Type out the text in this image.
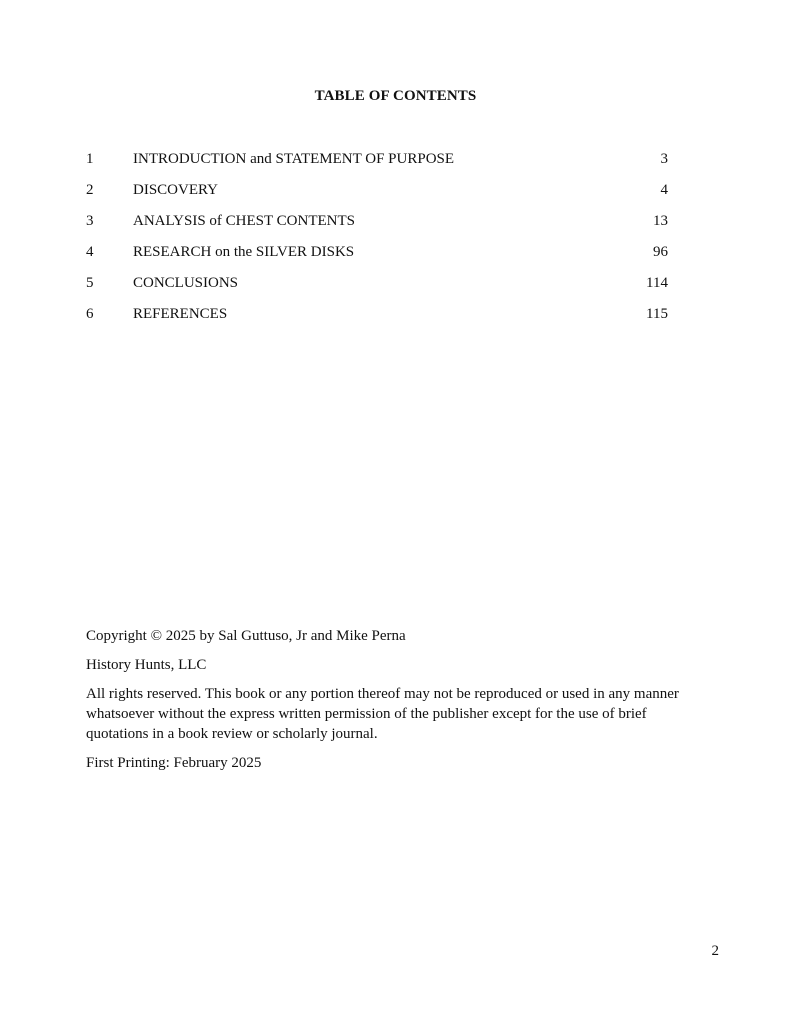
TABLE OF CONTENTS
1	INTRODUCTION and STATEMENT OF PURPOSE	3
2	DISCOVERY	4
3	ANALYSIS of CHEST CONTENTS	13
4	RESEARCH on the SILVER DISKS	96
5	CONCLUSIONS	114
6	REFERENCES	115

Copyright © 2025 by Sal Guttuso, Jr and Mike Perna

History Hunts, LLC

All rights reserved. This book or any portion thereof may not be reproduced or used in any manner whatsoever without the express written permission of the publisher except for the use of brief quotations in a book review or scholarly journal.

First Printing: February 2025

2
